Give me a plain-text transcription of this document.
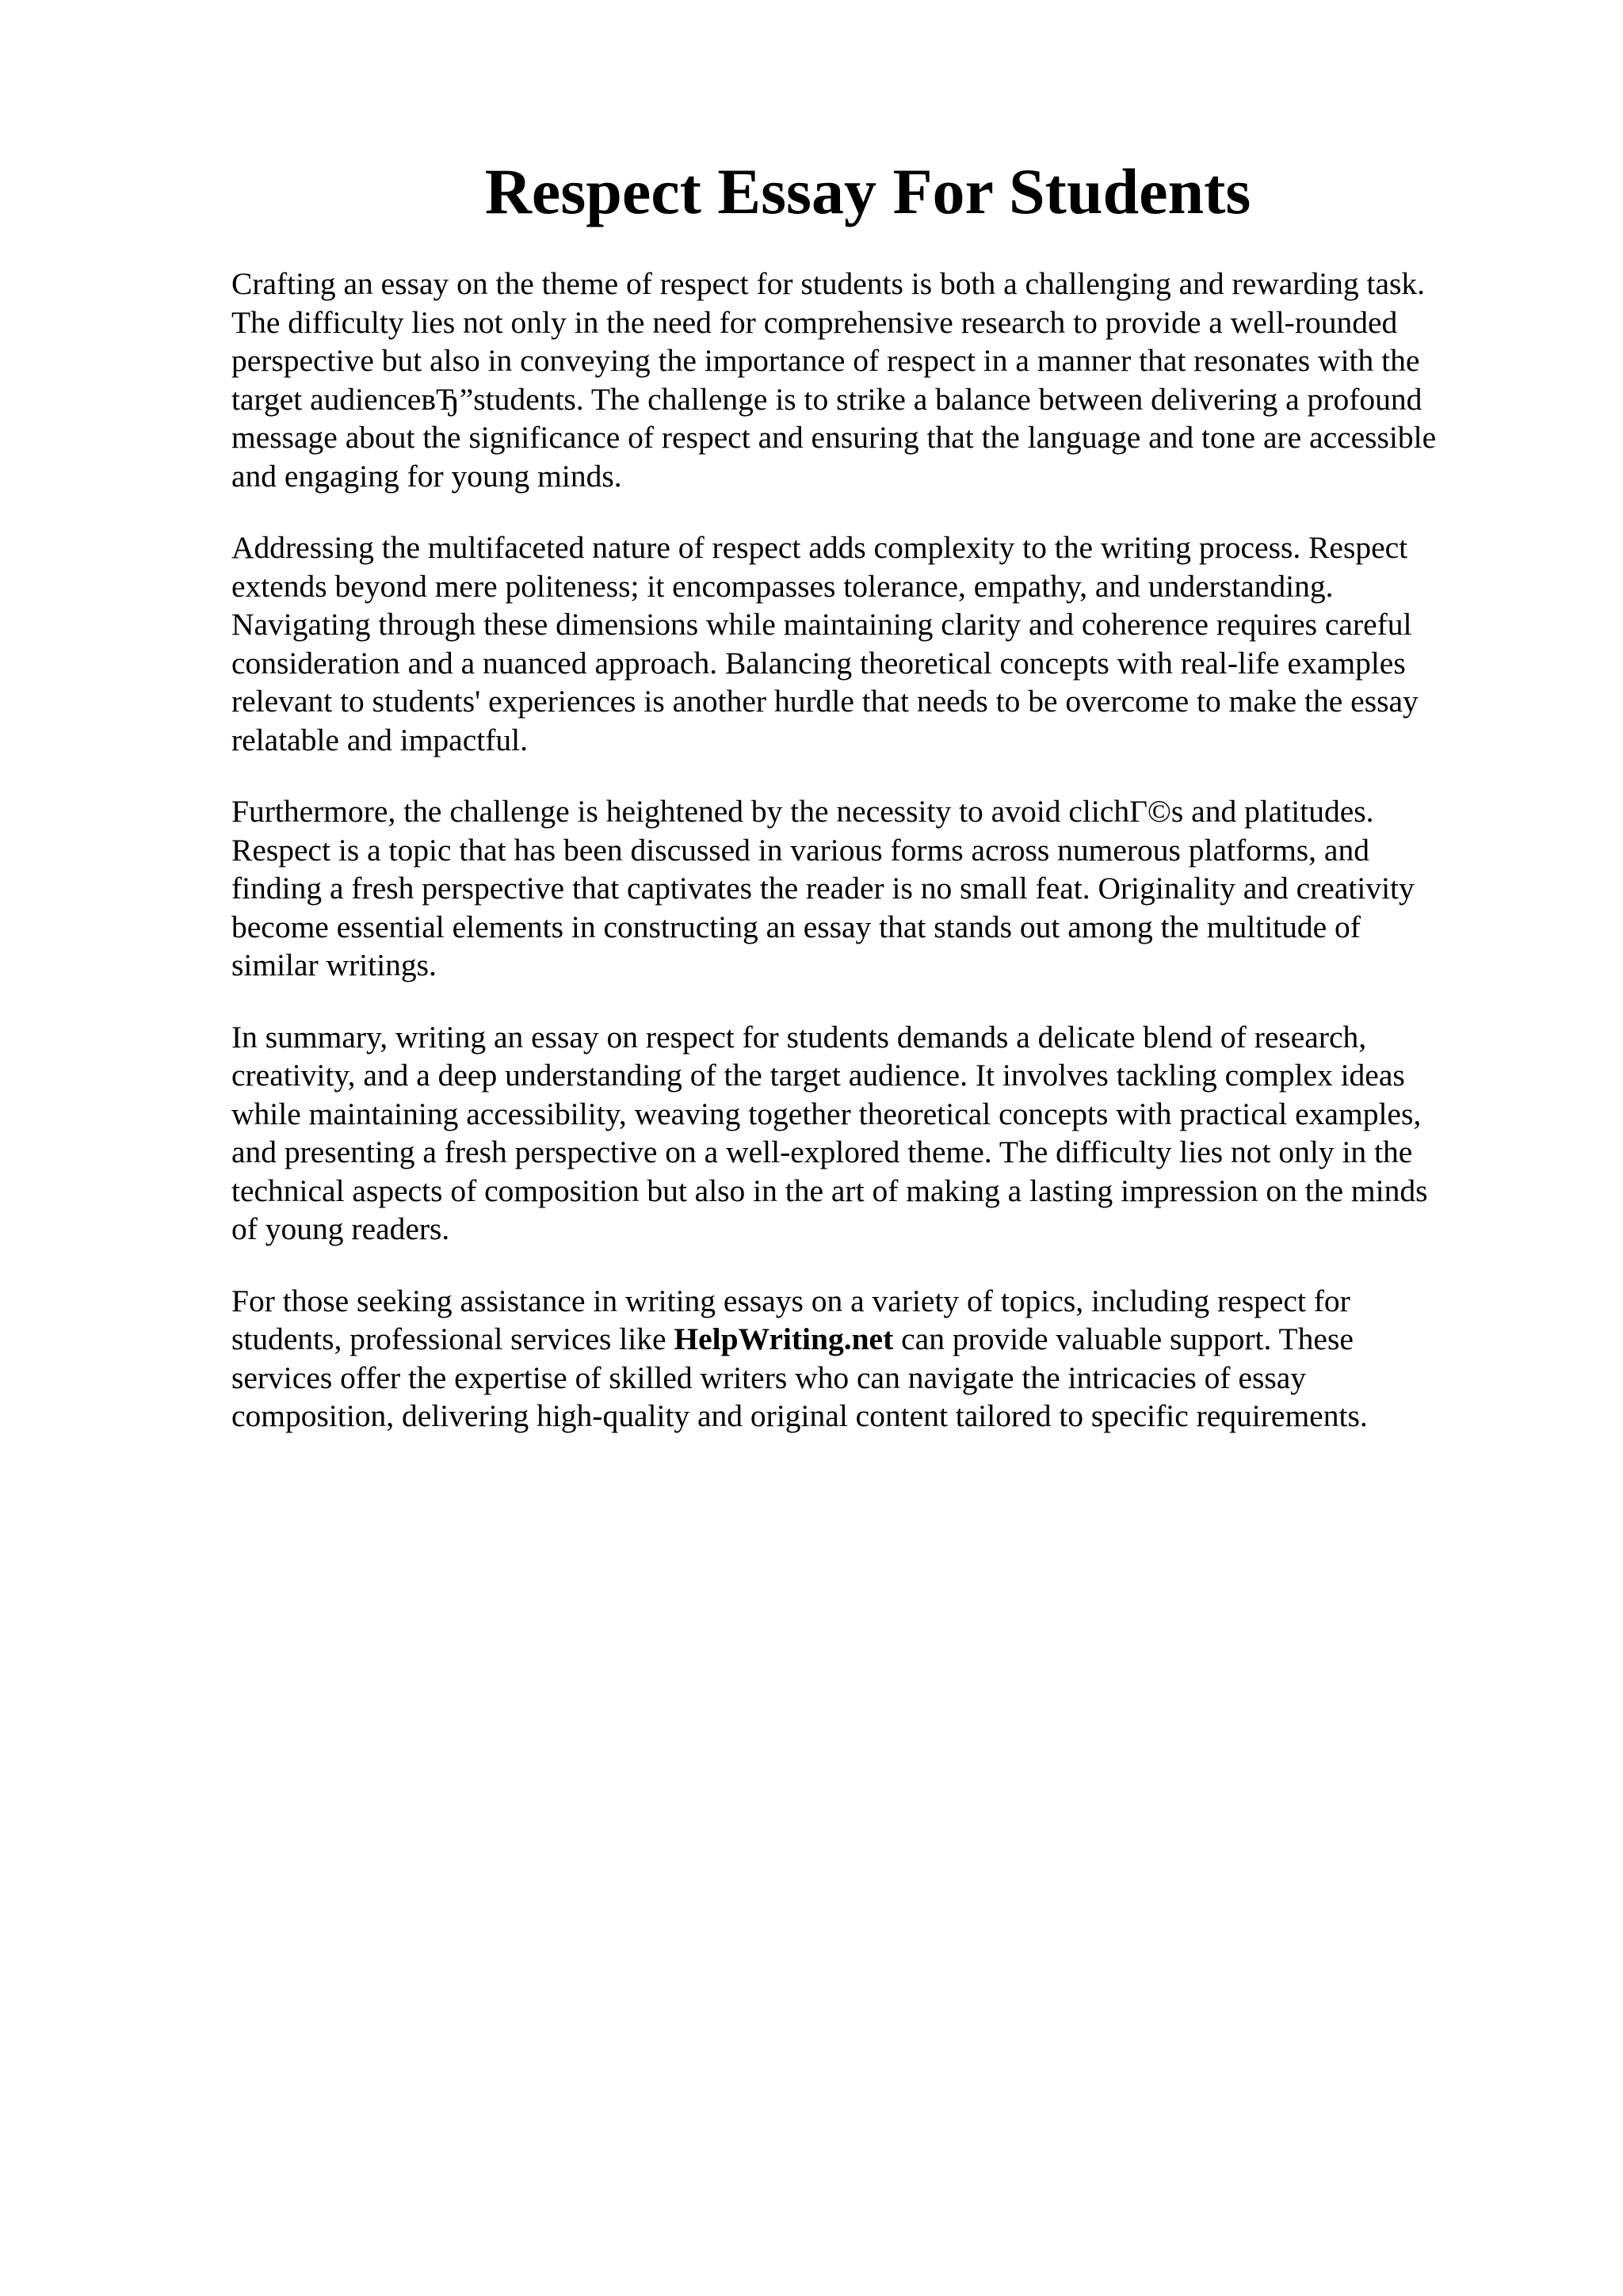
Respect Essay For Students

Crafting an essay on the theme of respect for students is both a challenging and rewarding task.
The difficulty lies not only in the need for comprehensive research to provide a well-rounded
perspective but also in conveying the importance of respect in a manner that resonates with the
target audienceвЂ”students. The challenge is to strike a balance between delivering a profound
message about the significance of respect and ensuring that the language and tone are accessible
and engaging for young minds.

Addressing the multifaceted nature of respect adds complexity to the writing process. Respect
extends beyond mere politeness; it encompasses tolerance, empathy, and understanding.
Navigating through these dimensions while maintaining clarity and coherence requires careful
consideration and a nuanced approach. Balancing theoretical concepts with real-life examples
relevant to students' experiences is another hurdle that needs to be overcome to make the essay
relatable and impactful.

Furthermore, the challenge is heightened by the necessity to avoid clichГ©s and platitudes.
Respect is a topic that has been discussed in various forms across numerous platforms, and
finding a fresh perspective that captivates the reader is no small feat. Originality and creativity
become essential elements in constructing an essay that stands out among the multitude of
similar writings.

In summary, writing an essay on respect for students demands a delicate blend of research,
creativity, and a deep understanding of the target audience. It involves tackling complex ideas
while maintaining accessibility, weaving together theoretical concepts with practical examples,
and presenting a fresh perspective on a well-explored theme. The difficulty lies not only in the
technical aspects of composition but also in the art of making a lasting impression on the minds
of young readers.

For those seeking assistance in writing essays on a variety of topics, including respect for
students, professional services like HelpWriting.net can provide valuable support. These
services offer the expertise of skilled writers who can navigate the intricacies of essay
composition, delivering high-quality and original content tailored to specific requirements.
